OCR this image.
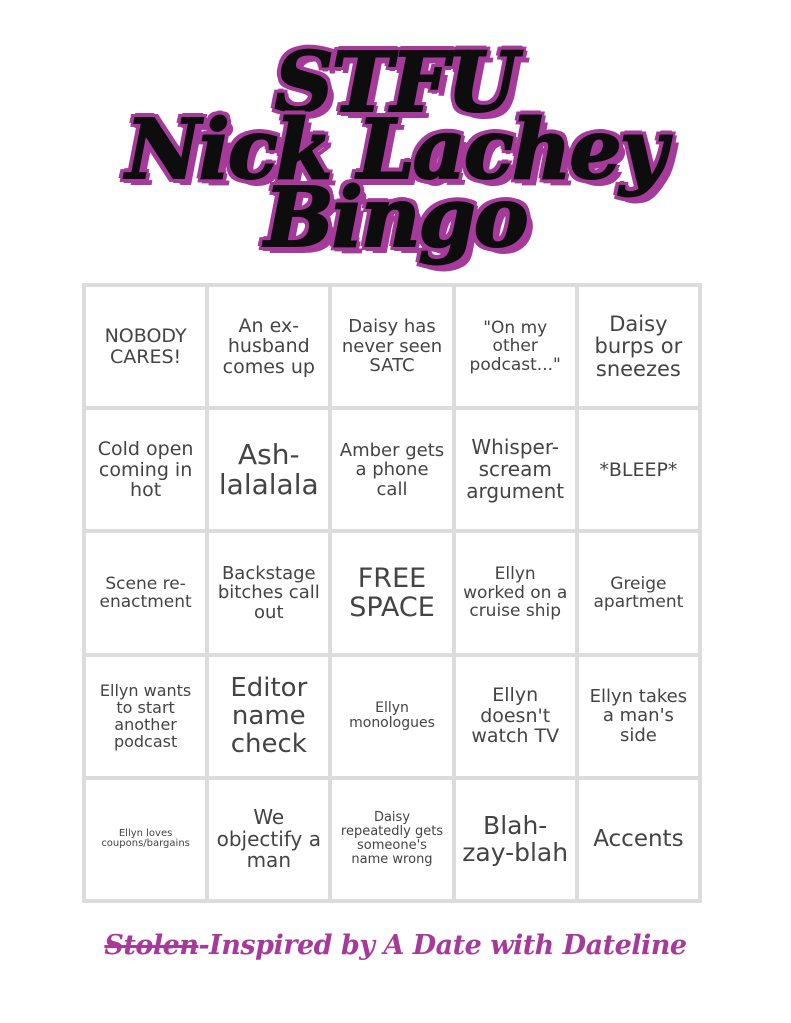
STFU
Nick Lachey
Bingo
NOBODY CARES!
An ex-husband comes up
Daisy has never seen SATC
"On my other podcast..."
Daisy burps or sneezes
Cold open coming in hot
Ash-lalalala
Amber gets a phone call
Whisper-scream argument
*BLEEP*
Scene re-enactment
Backstage bitches call out
FREE SPACE
Ellyn worked on a cruise ship
Greige apartment
Ellyn wants to start another podcast
Editor name check
Ellyn monologues
Ellyn doesn't watch TV
Ellyn takes a man's side
Ellyn loves coupons/bargains
We objectify a man
Daisy repeatedly gets someone's name wrong
Blah-zay-blah	Accents
Stolen-Inspired by A Date with Dateline
